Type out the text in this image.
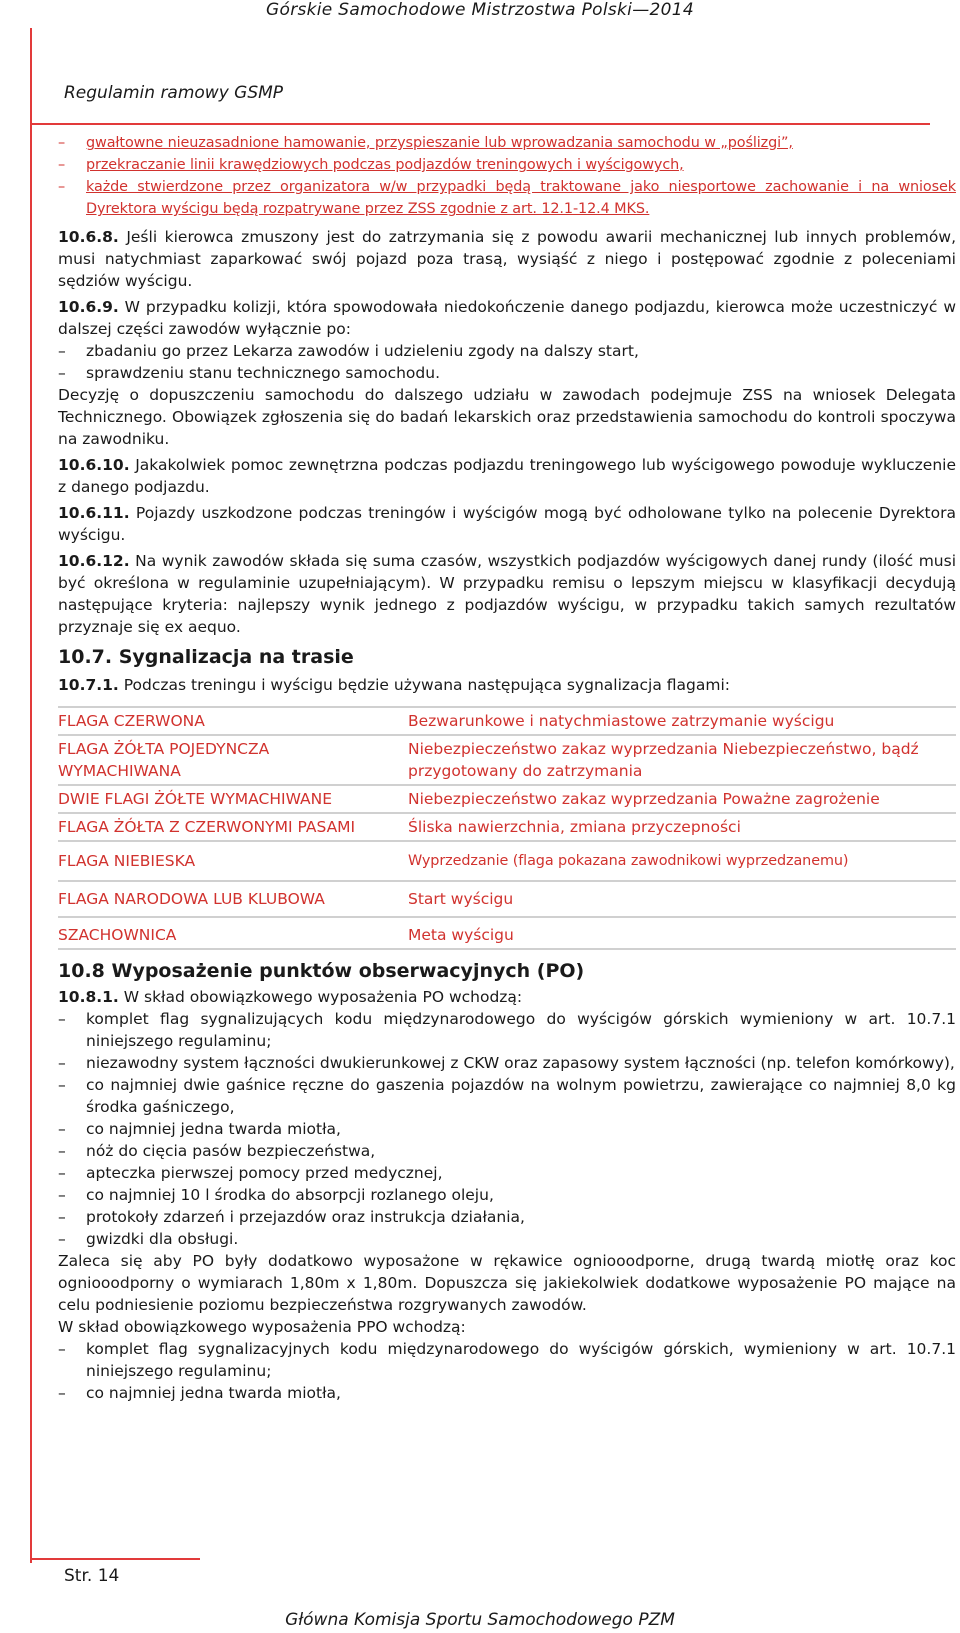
Górskie Samochodowe Mistrzostwa Polski—2014
Regulamin ramowy GSMP
– gwałtowne nieuzasadnione hamowanie, przyspieszanie lub wprowadzania samochodu w „poślizgi”,
– przekraczanie linii krawędziowych podczas podjazdów treningowych i wyścigowych,
– każde stwierdzone przez organizatora w/w przypadki będą traktowane jako niesportowe zachowanie i na wniosek Dyrektora wyścigu będą rozpatrywane przez ZSS zgodnie z art. 12.1-12.4 MKS.

10.6.8. Jeśli kierowca zmuszony jest do zatrzymania się z powodu awarii mechanicznej lub innych problemów, musi natychmiast zaparkować swój pojazd poza trasą, wysiąść z niego i postępować zgodnie z poleceniami sędziów wyścigu.

10.6.9. W przypadku kolizji, która spowodowała niedokończenie danego podjazdu, kierowca może uczestniczyć w dalszej części zawodów wyłącznie po:

– zbadaniu go przez Lekarza zawodów i udzieleniu zgody na dalszy start,
– sprawdzeniu stanu technicznego samochodu.

Decyzję o dopuszczeniu samochodu do dalszego udziału w zawodach podejmuje ZSS na wniosek Delegata Technicznego. Obowiązek zgłoszenia się do badań lekarskich oraz przedstawienia samochodu do kontroli spoczywa na zawodniku.

10.6.10. Jakakolwiek pomoc zewnętrzna podczas podjazdu treningowego lub wyścigowego powoduje wykluczenie z danego podjazdu.

10.6.11. Pojazdy uszkodzone podczas treningów i wyścigów mogą być odholowane tylko na polecenie Dyrektora wyścigu.

10.6.12. Na wynik zawodów składa się suma czasów, wszystkich podjazdów wyścigowych danej rundy (ilość musi być określona w regulaminie uzupełniającym). W przypadku remisu o lepszym miejscu w klasyfikacji decydują następujące kryteria: najlepszy wynik jednego z podjazdów wyścigu, w przypadku takich samych rezultatów przyznaje się ex aequo.

10.7. Sygnalizacja na trasie

10.7.1. Podczas treningu i wyścigu będzie używana następująca sygnalizacja flagami:

FLAGA CZERWONA	Bezwarunkowe i natychmiastowe zatrzymanie wyścigu
FLAGA ŻÓŁTA POJEDYNCZA WYMACHIWANA	Niebezpieczeństwo zakaz wyprzedzania Niebezpieczeństwo, bądź przygotowany do zatrzymania
DWIE FLAGI ŻÓŁTE WYMACHIWANE	Niebezpieczeństwo zakaz wyprzedzania Poważne zagrożenie
FLAGA ŻÓŁTA Z CZERWONYMI PASAMI	Śliska nawierzchnia, zmiana przyczepności
FLAGA NIEBIESKA	Wyprzedzanie (flaga pokazana zawodnikowi wyprzedzanemu)
FLAGA NARODOWA LUB KLUBOWA	Start wyścigu
SZACHOWNICA	Meta wyścigu
10.8 Wyposażenie punktów obserwacyjnych (PO)

10.8.1. W skład obowiązkowego wyposażenia PO wchodzą:

– komplet flag sygnalizujących kodu międzynarodowego do wyścigów górskich wymieniony w art. 10.7.1 niniejszego regulaminu;
– niezawodny system łączności dwukierunkowej z CKW oraz zapasowy system łączności (np. telefon komórkowy),
– co najmniej dwie gaśnice ręczne do gaszenia pojazdów na wolnym powietrzu, zawierające co najmniej 8,0 kg środka gaśniczego,
– co najmniej jedna twarda miotła,
– nóż do cięcia pasów bezpieczeństwa,
– apteczka pierwszej pomocy przed medycznej,
– co najmniej 10 l środka do absorpcji rozlanego oleju,
– protokoły zdarzeń i przejazdów oraz instrukcja działania,
– gwizdki dla obsługi.

Zaleca się aby PO były dodatkowo wyposażone w rękawice ogniooodporne, drugą twardą miotłę oraz koc ogniooodporny o wymiarach 1,80m x 1,80m. Dopuszcza się jakiekolwiek dodatkowe wyposażenie PO mające na celu podniesienie poziomu bezpieczeństwa rozgrywanych zawodów.

W skład obowiązkowego wyposażenia PPO wchodzą:

– komplet flag sygnalizacyjnych kodu międzynarodowego do wyścigów górskich, wymieniony w art. 10.7.1 niniejszego regulaminu;
– co najmniej jedna twarda miotła,
Str. 14
Główna Komisja Sportu Samochodowego PZM
